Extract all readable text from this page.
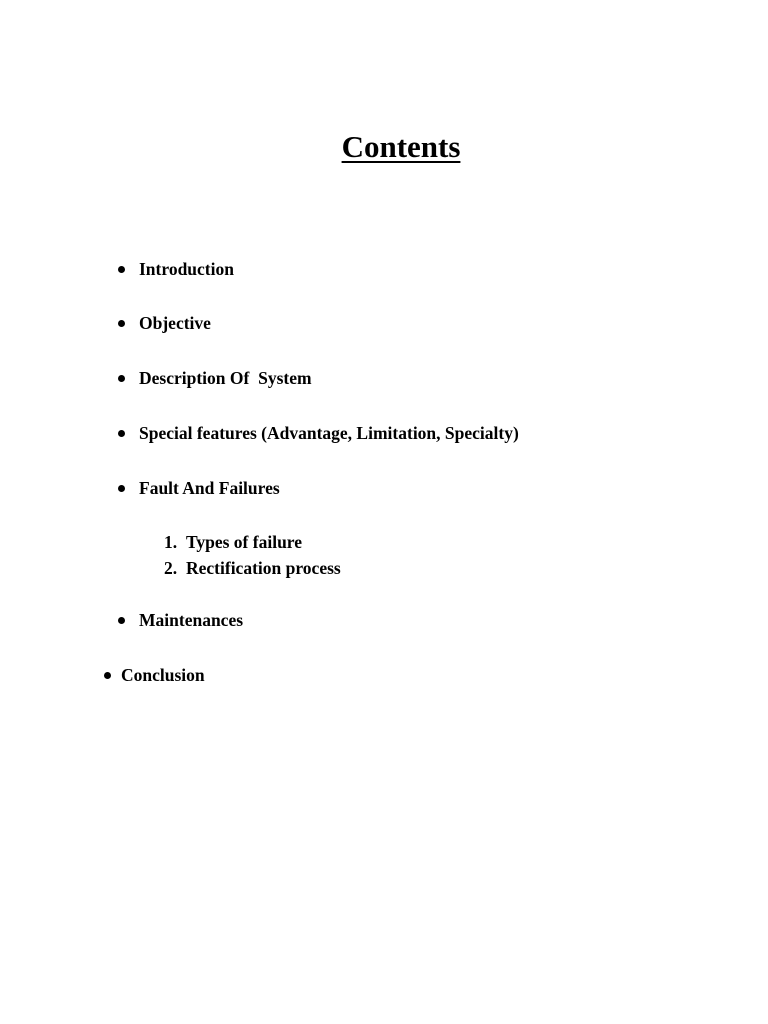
Contents
Introduction
Objective
Description Of  System
Special features (Advantage, Limitation, Specialty)
Fault And Failures
1. Types of failure
2. Rectification process
Maintenances
Conclusion
